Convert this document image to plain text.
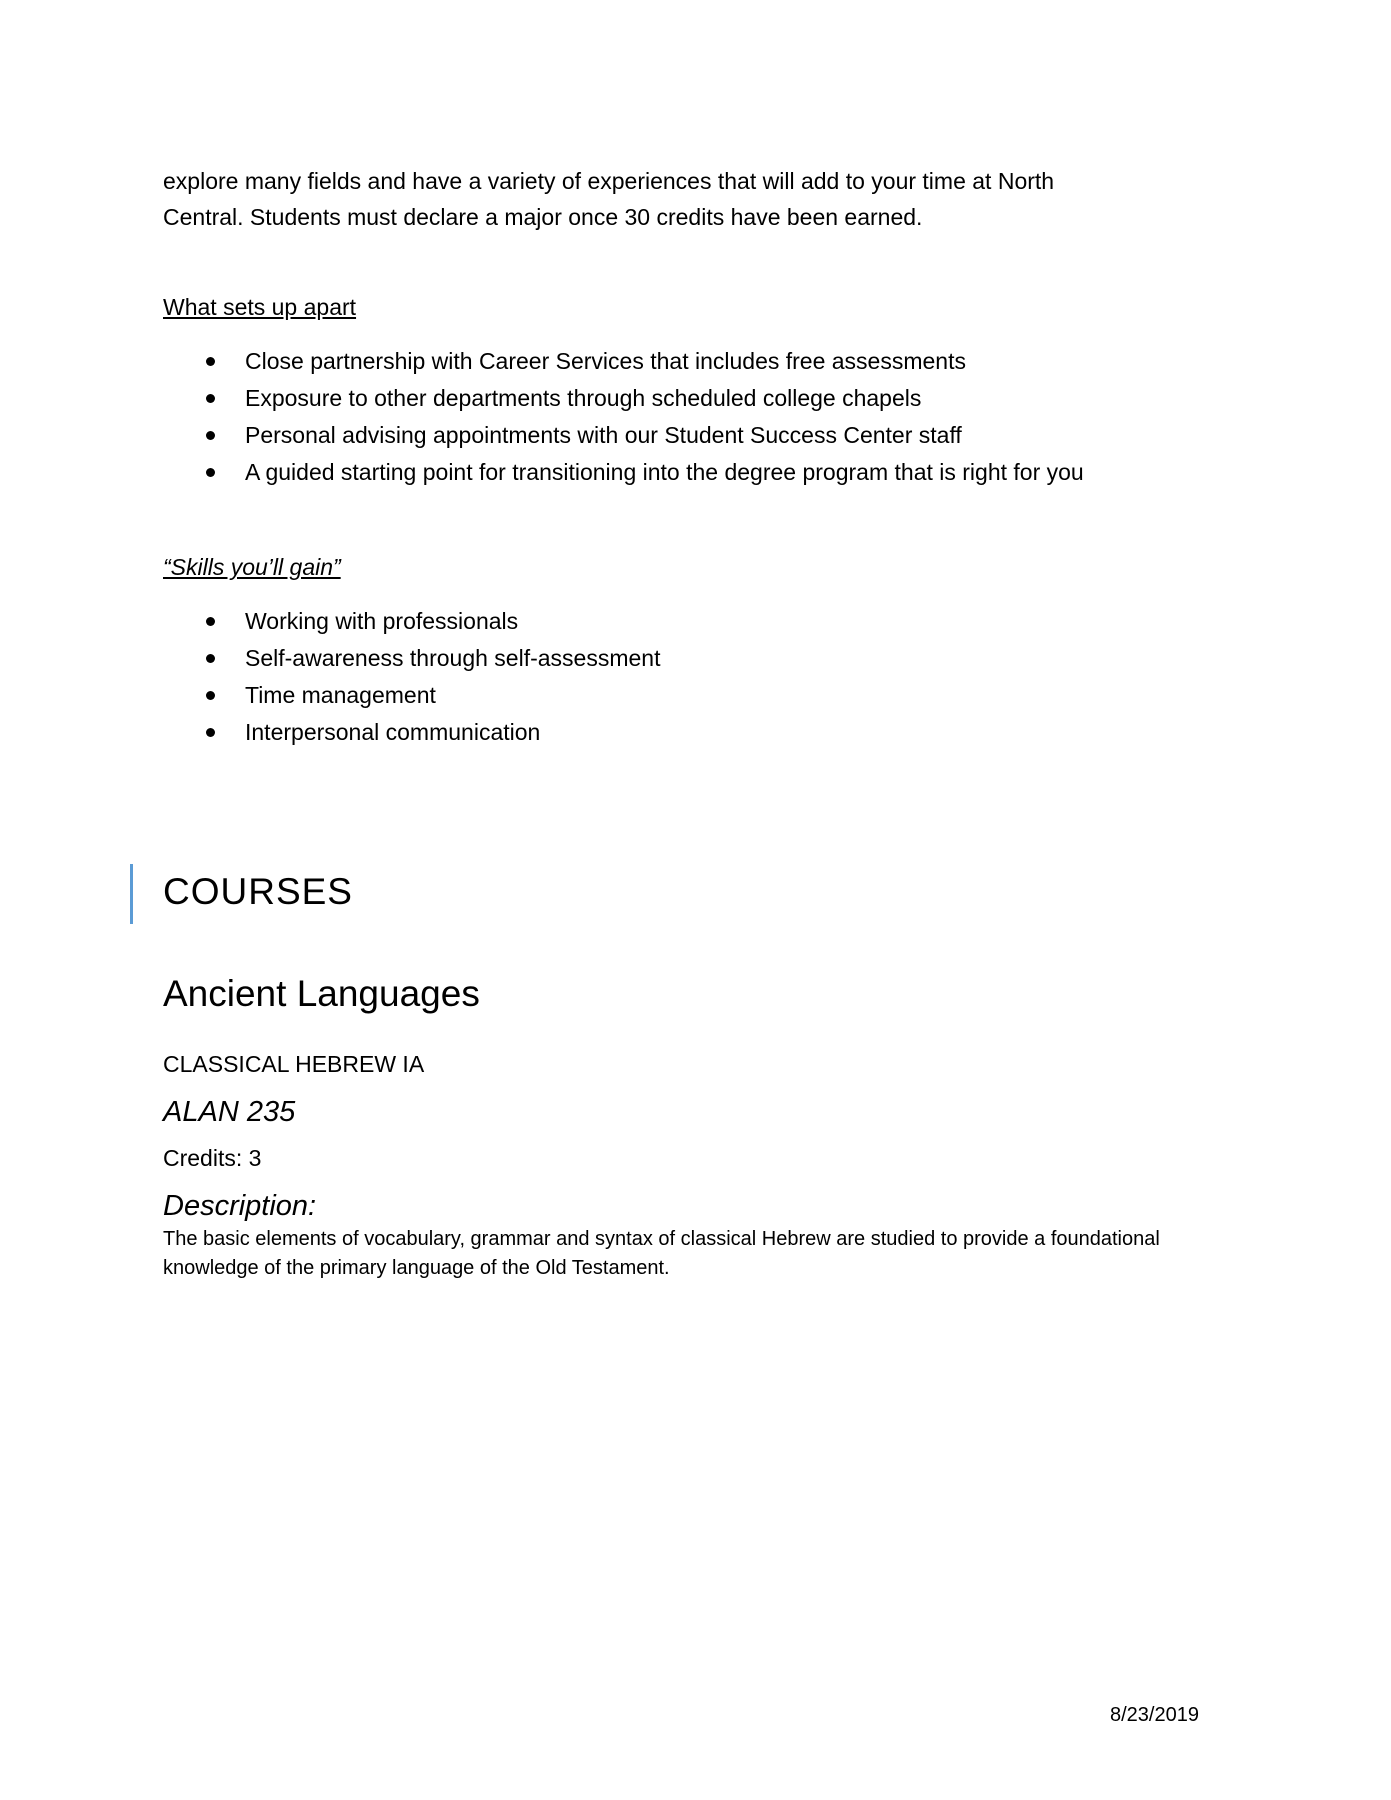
explore many fields and have a variety of experiences that will add to your time at North
Central. Students must declare a major once 30 credits have been earned.

What sets up apart

Close partnership with Career Services that includes free assessments
Exposure to other departments through scheduled college chapels
Personal advising appointments with our Student Success Center staff
A guided starting point for transitioning into the degree program that is right for you

“Skills you’ll gain”

Working with professionals
Self-awareness through self-assessment
Time management
Interpersonal communication
COURSES
Ancient Languages

CLASSICAL HEBREW IA

ALAN 235

Credits: 3

Description:

The basic elements of vocabulary, grammar and syntax of classical Hebrew are studied to provide a foundational knowledge of the primary language of the Old Testament.

8/23/2019
